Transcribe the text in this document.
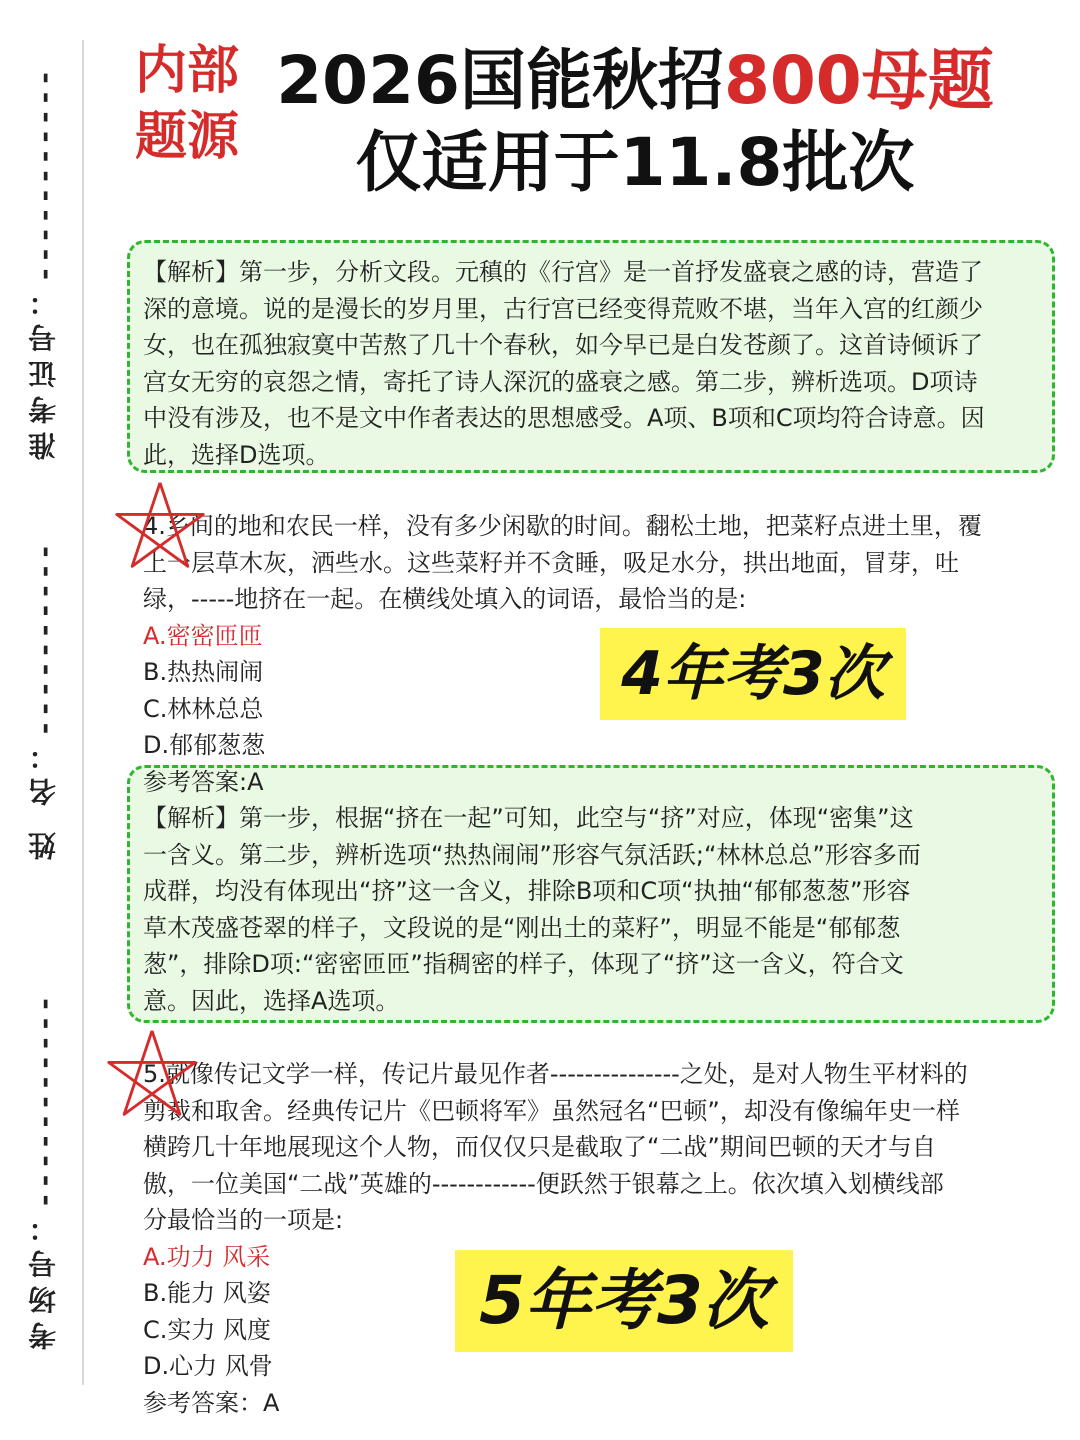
准考证号：-----------
姓 名：----------
考场号：-----------
内部
题源
2026国能秋招800母题
仅适用于11.8批次
【解析】第一步，分析文段。元稹的《行宫》是一首抒发盛衰之感的诗，营造了
深的意境。说的是漫长的岁月里，古行宫已经变得荒败不堪，当年入宫的红颜少
女，也在孤独寂寞中苦熬了几十个春秋，如今早已是白发苍颜了。这首诗倾诉了
宫女无穷的哀怨之情，寄托了诗人深沉的盛衰之感。第二步，辨析选项。D项诗
中没有涉及，也不是文中作者表达的思想感受。A项、B项和C项均符合诗意。因
此，选择D选项。
4.乡间的地和农民一样，没有多少闲歇的时间。翻松土地，把菜籽点进土里，覆
上一层草木灰，洒些水。这些菜籽并不贪睡，吸足水分，拱出地面，冒芽，吐
绿，-----地挤在一起。在横线处填入的词语，最恰当的是:
A.密密匝匝
B.热热闹闹
C.林林总总
D.郁郁葱葱
参考答案:A
【解析】第一步，根据“挤在一起”可知，此空与“挤”对应，体现“密集”这
一含义。第二步，辨析选项“热热闹闹”形容气氛活跃;“林林总总”形容多而
成群，均没有体现出“挤”这一含义，排除B项和C项“执抽“郁郁葱葱”形容
草木茂盛苍翠的样子，文段说的是“刚出土的菜籽”，明显不能是“郁郁葱
葱”，排除D项:“密密匝匝”指稠密的样子，体现了“挤”这一含义，符合文
意。因此，选择A选项。
4年考3次
5.就像传记文学一样，传记片最见作者---------------之处，是对人物生平材料的
剪裁和取舍。经典传记片《巴顿将军》虽然冠名“巴顿”，却没有像编年史一样
横跨几十年地展现这个人物，而仅仅只是截取了“二战”期间巴顿的天才与自
傲，一位美国“二战”英雄的------------便跃然于银幕之上。依次填入划横线部
分最恰当的一项是:
A.功力 风采
B.能力 风姿
C.实力 风度
D.心力 风骨
参考答案：A
5年考3次
